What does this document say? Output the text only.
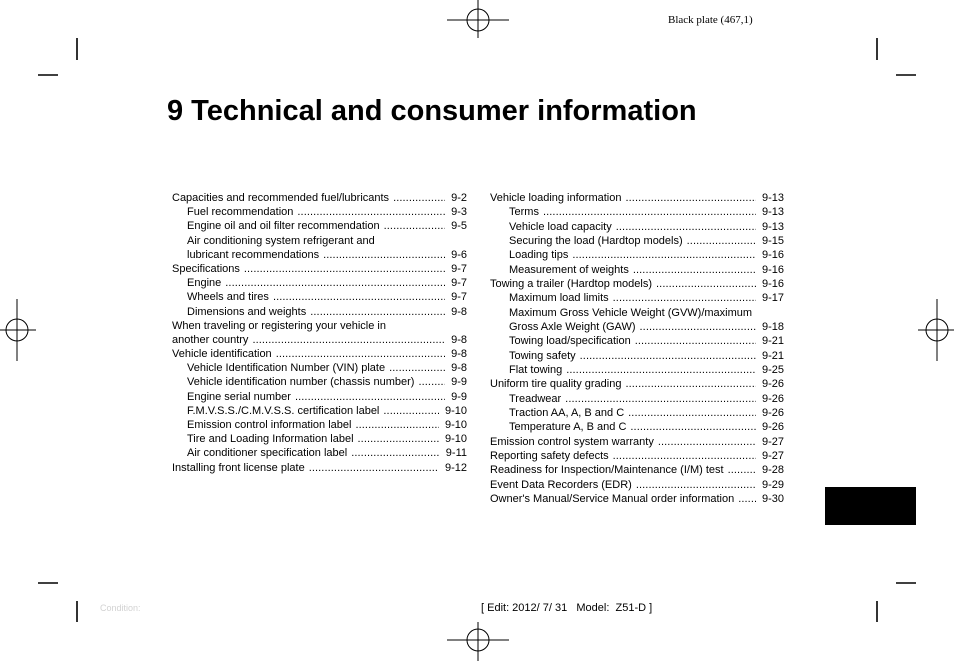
Black plate (467,1)
9 Technical and consumer information
Capacities and recommended fuel/lubricants .....	9-2
Fuel recommendation .....	9-3
Engine oil and oil filter recommendation .....	9-5
Air conditioning system refrigerant and
lubricant recommendations .....	9-6
Specifications .....	9-7
Engine .....	9-7
Wheels and tires .....	9-7
Dimensions and weights .....	9-8
When traveling or registering your vehicle in
another country .....	9-8
Vehicle identification .....	9-8
Vehicle Identification Number (VIN) plate .....	9-8
Vehicle identification number (chassis number) .....	9-9
Engine serial number .....	9-9
F.M.V.S.S./C.M.V.S.S. certification label .....	9-10
Emission control information label .....	9-10
Tire and Loading Information label .....	9-10
Air conditioner specification label .....	9-11
Installing front license plate .....	9-12
Vehicle loading information .....	9-13
Terms .....	9-13
Vehicle load capacity .....	9-13
Securing the load (Hardtop models) .....	9-15
Loading tips .....	9-16
Measurement of weights .....	9-16
Towing a trailer (Hardtop models) .....	9-16
Maximum load limits .....	9-17
Maximum Gross Vehicle Weight (GVW)/maximum
Gross Axle Weight (GAW) .....	9-18
Towing load/specification .....	9-21
Towing safety .....	9-21
Flat towing .....	9-25
Uniform tire quality grading .....	9-26
Treadwear .....	9-26
Traction AA, A, B and C .....	9-26
Temperature A, B and C .....	9-26
Emission control system warranty .....	9-27
Reporting safety defects .....	9-27
Readiness for Inspection/Maintenance (I/M) test .....	9-28
Event Data Recorders (EDR) .....	9-29
Owner's Manual/Service Manual order information .....	9-30
Condition:	[ Edit: 2012/ 7/ 31   Model:  Z51-D ]
